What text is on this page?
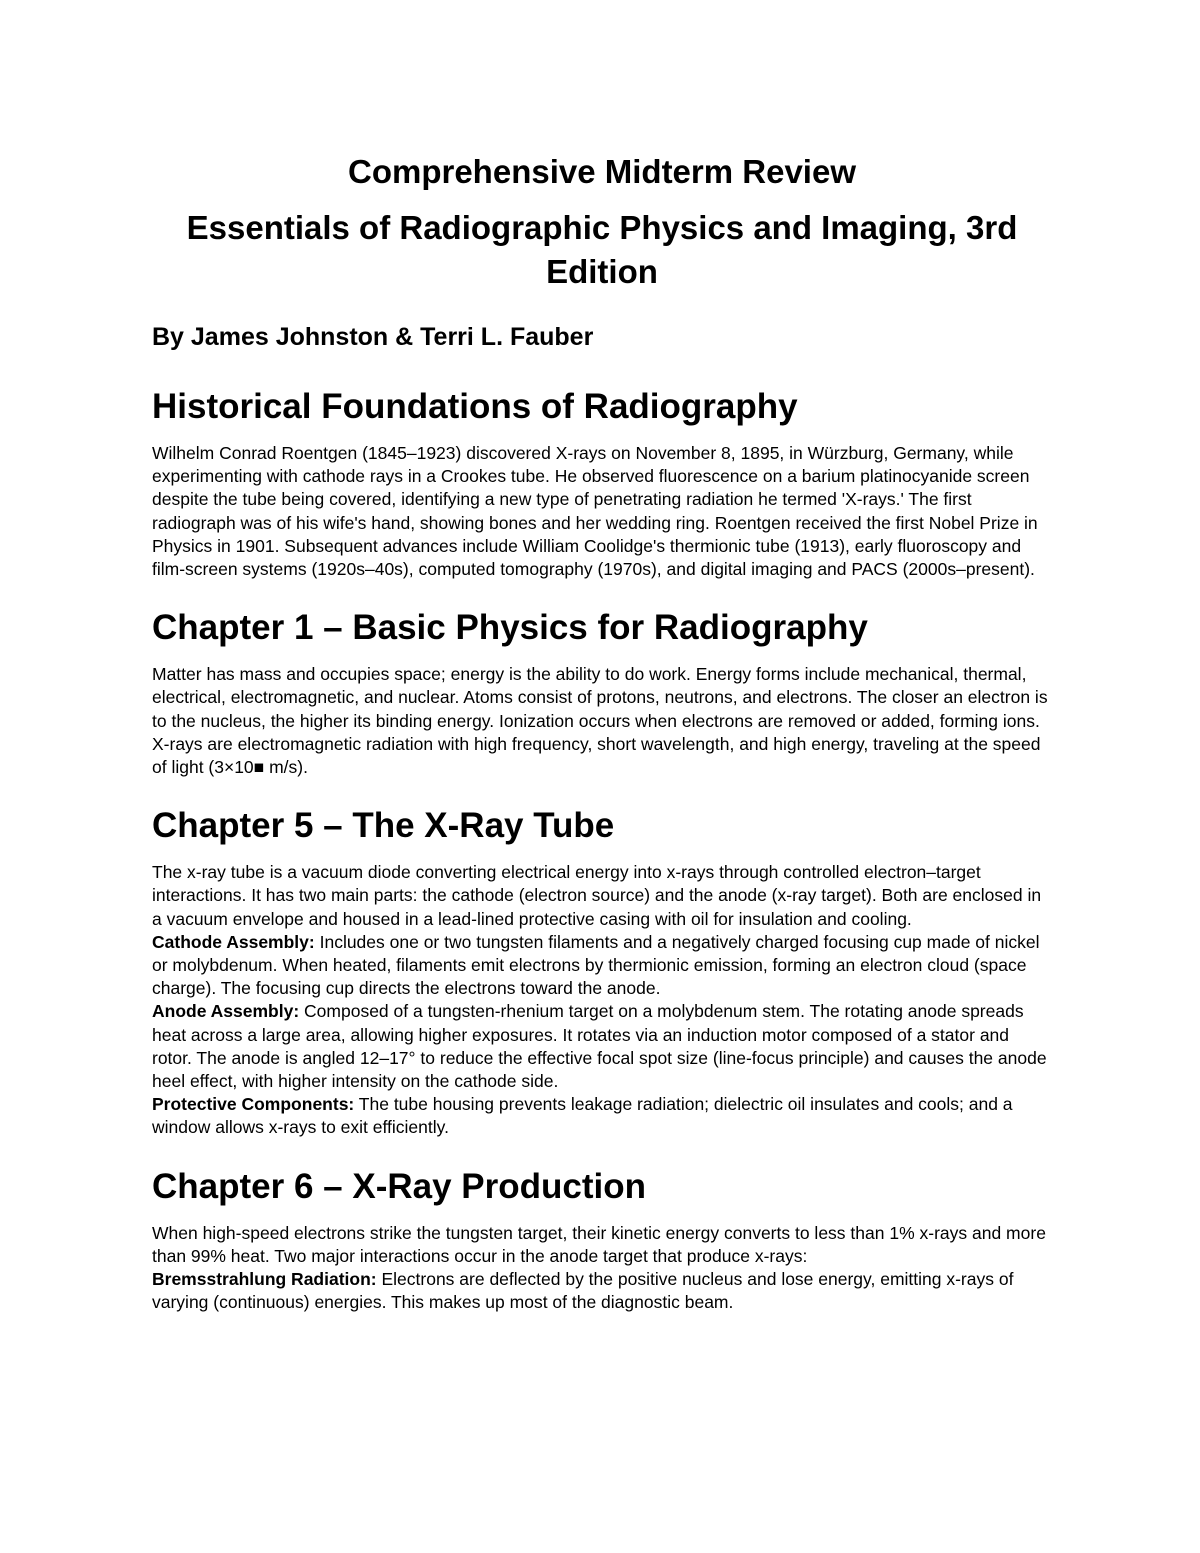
Comprehensive Midterm Review
Essentials of Radiographic Physics and Imaging, 3rd Edition

By James Johnston & Terri L. Fauber

Historical Foundations of Radiography

Wilhelm Conrad Roentgen (1845–1923) discovered X-rays on November 8, 1895, in Würzburg, Germany, while experimenting with cathode rays in a Crookes tube. He observed fluorescence on a barium platinocyanide screen despite the tube being covered, identifying a new type of penetrating radiation he termed 'X-rays.' The first radiograph was of his wife's hand, showing bones and her wedding ring. Roentgen received the first Nobel Prize in Physics in 1901. Subsequent advances include William Coolidge's thermionic tube (1913), early fluoroscopy and film-screen systems (1920s–40s), computed tomography (1970s), and digital imaging and PACS (2000s–present).

Chapter 1 – Basic Physics for Radiography

Matter has mass and occupies space; energy is the ability to do work. Energy forms include mechanical, thermal, electrical, electromagnetic, and nuclear. Atoms consist of protons, neutrons, and electrons. The closer an electron is to the nucleus, the higher its binding energy. Ionization occurs when electrons are removed or added, forming ions. X-rays are electromagnetic radiation with high frequency, short wavelength, and high energy, traveling at the speed of light (3×10■ m/s).

Chapter 5 – The X-Ray Tube

The x-ray tube is a vacuum diode converting electrical energy into x-rays through controlled electron–target interactions. It has two main parts: the cathode (electron source) and the anode (x-ray target). Both are enclosed in a vacuum envelope and housed in a lead-lined protective casing with oil for insulation and cooling.

Cathode Assembly: Includes one or two tungsten filaments and a negatively charged focusing cup made of nickel or molybdenum. When heated, filaments emit electrons by thermionic emission, forming an electron cloud (space charge). The focusing cup directs the electrons toward the anode.

Anode Assembly: Composed of a tungsten-rhenium target on a molybdenum stem. The rotating anode spreads heat across a large area, allowing higher exposures. It rotates via an induction motor composed of a stator and rotor. The anode is angled 12–17° to reduce the effective focal spot size (line-focus principle) and causes the anode heel effect, with higher intensity on the cathode side.

Protective Components: The tube housing prevents leakage radiation; dielectric oil insulates and cools; and a window allows x-rays to exit efficiently.

Chapter 6 – X-Ray Production

When high-speed electrons strike the tungsten target, their kinetic energy converts to less than 1% x-rays and more than 99% heat. Two major interactions occur in the anode target that produce x-rays:

Bremsstrahlung Radiation: Electrons are deflected by the positive nucleus and lose energy, emitting x-rays of varying (continuous) energies. This makes up most of the diagnostic beam.
